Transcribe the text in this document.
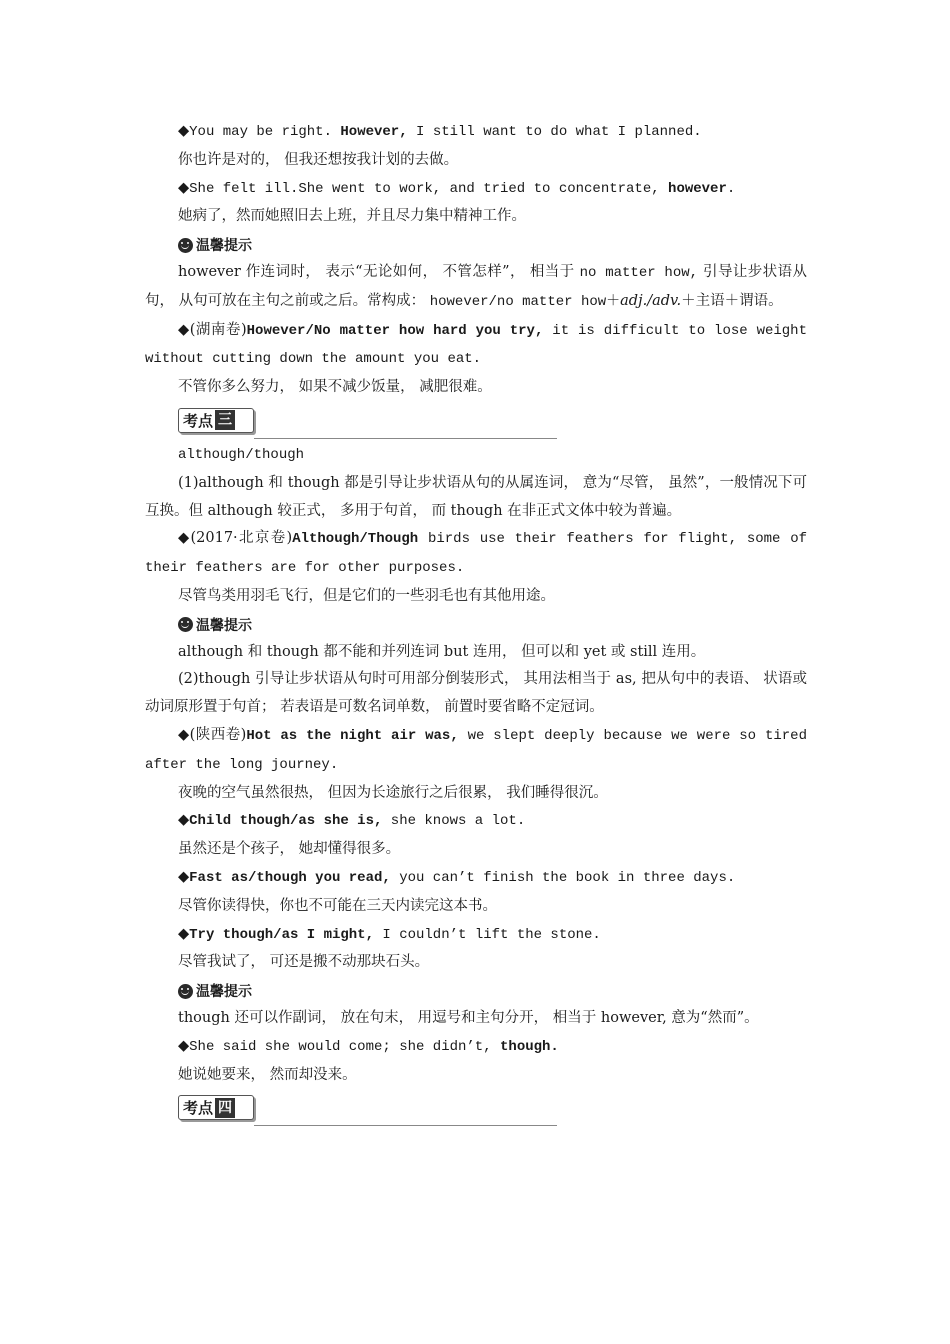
◆You may be right. However, I still want to do what I planned.

你也许是对的， 但我还想按我计划的去做。

◆She felt ill.She went to work, and tried to concentrate, however.

她病了，然而她照旧去上班，并且尽力集中精神工作。

温馨提示

however 作连词时， 表示“无论如何， 不管怎样”， 相当于 no matter how, 引导让步状语从句， 从句可放在主句之前或之后。常构成： however/no matter how＋adj./adv.＋主语＋谓语。

◆(湖南卷)However/No matter how hard you try, it is difficult to lose weight without cutting down the amount you eat.

不管你多么努力， 如果不减少饭量， 减肥很难。

考点 三

although/though

(1)although 和 though 都是引导让步状语从句的从属连词， 意为“尽管， 虽然”，一般情况下可互换。但 although 较正式， 多用于句首， 而 though 在非正式文体中较为普遍。

◆(2017·北京卷)Although/Though birds use their feathers for flight, some of their feathers are for other purposes.

尽管鸟类用羽毛飞行，但是它们的一些羽毛也有其他用途。

温馨提示

although 和 though 都不能和并列连词 but 连用， 但可以和 yet 或 still 连用。

(2)though 引导让步状语从句时可用部分倒装形式， 其用法相当于 as, 把从句中的表语、 状语或动词原形置于句首； 若表语是可数名词单数， 前置时要省略不定冠词。

◆(陕西卷)Hot as the night air was, we slept deeply because we were so tired after the long journey.

夜晚的空气虽然很热， 但因为长途旅行之后很累， 我们睡得很沉。

◆Child though/as she is, she knows a lot.

虽然还是个孩子， 她却懂得很多。

◆Fast as/though you read, you can’t finish the book in three days.

尽管你读得快，你也不可能在三天内读完这本书。

◆Try though/as I might, I couldn’t lift the stone.

尽管我试了， 可还是搬不动那块石头。

温馨提示

though 还可以作副词， 放在句末， 用逗号和主句分开， 相当于 however, 意为“然而”。

◆She said she would come; she didn’t, though.

她说她要来， 然而却没来。

考点 四
